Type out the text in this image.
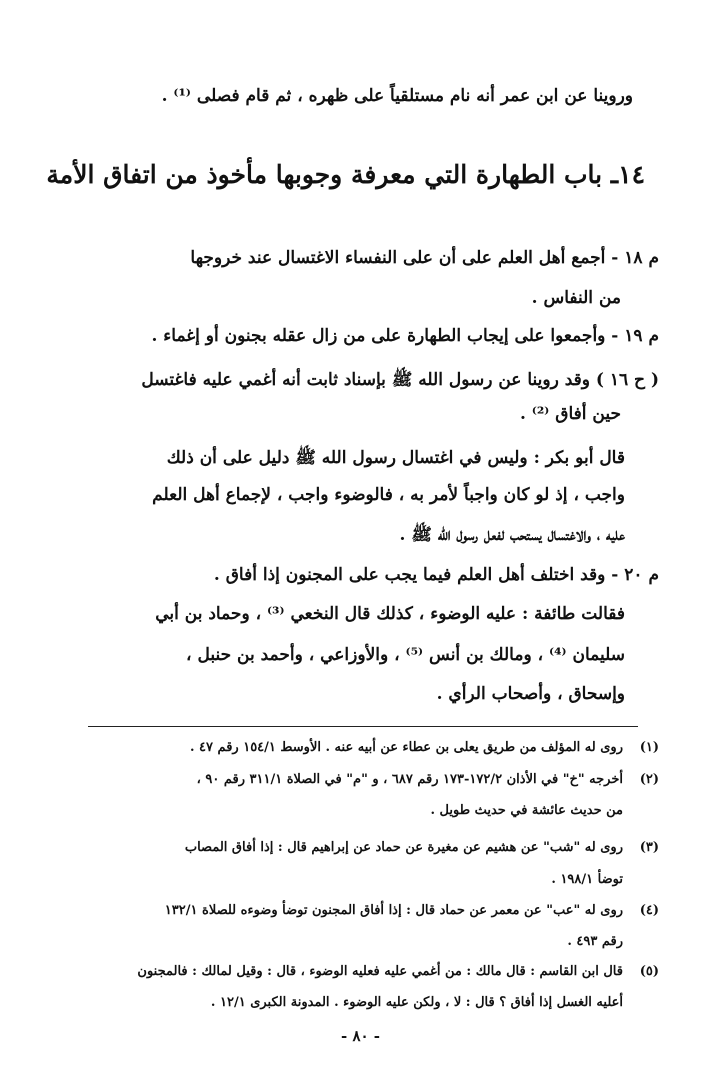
وروينا عن ابن عمر أنه نام مستلقياً على ظهره ، ثم قام فصلى ⁽¹⁾ .
١٤ـ باب الطهارة التي معرفة وجوبها مأخوذ من اتفاق الأمة
م ١٨ - أجمع أهل العلم على أن على النفساء الاغتسال عند خروجها
من النفاس .
م ١٩ - وأجمعوا على إيجاب الطهارة على من زال عقله بجنون أو إغماء .
( ح ١٦ ) وقد روينا عن رسول الله ﷺ بإسناد ثابت أنه أغمي عليه فاغتسل
حين أفاق ⁽²⁾ .
قال أبو بكر : وليس في اغتسال رسول الله ﷺ دليل على أن ذلك
واجب ، إذ لو كان واجباً لأمر به ، فالوضوء واجب ، لإجماع أهل العلم
عليه ، والاغتسال يستحب لفعل رسول الله ﷺ .
م ٢٠ - وقد اختلف أهل العلم فيما يجب على المجنون إذا أفاق .
فقالت طائفة : عليه الوضوء ، كذلك قال النخعي ⁽³⁾ ، وحماد بن أبي
سليمان ⁽⁴⁾ ، ومالك بن أنس ⁽⁵⁾ ، والأوزاعي ، وأحمد بن حنبل ،
وإسحاق ، وأصحاب الرأي .
(١)روى له المؤلف من طريق يعلى بن عطاء عن أبيه عنه . الأوسط ١٥٤/١ رقم ٤٧ .
(٢)أخرجه "خ" في الأذان ١٧٢/٢-١٧٣ رقم ٦٨٧ ، و "م" في الصلاة ٣١١/١ رقم ٩٠ ،
من حديث عائشة في حديث طويل .
(٣)روى له "شب" عن هشيم عن مغيرة عن حماد عن إبراهيم قال : إذا أفاق المصاب
توضأ ١٩٨/١ .
(٤)روى له "عب" عن معمر عن حماد قال : إذا أفاق المجنون توضأ وضوءه للصلاة ١٣٢/١
رقم ٤٩٣ .
(٥)قال ابن القاسم : قال مالك : من أغمي عليه فعليه الوضوء ، قال : وقيل لمالك : فالمجنون
أعليه الغسل إذا أفاق ؟ قال : لا ، ولكن عليه الوضوء . المدونة الكبرى ١٢/١ .
- ٨٠ -
